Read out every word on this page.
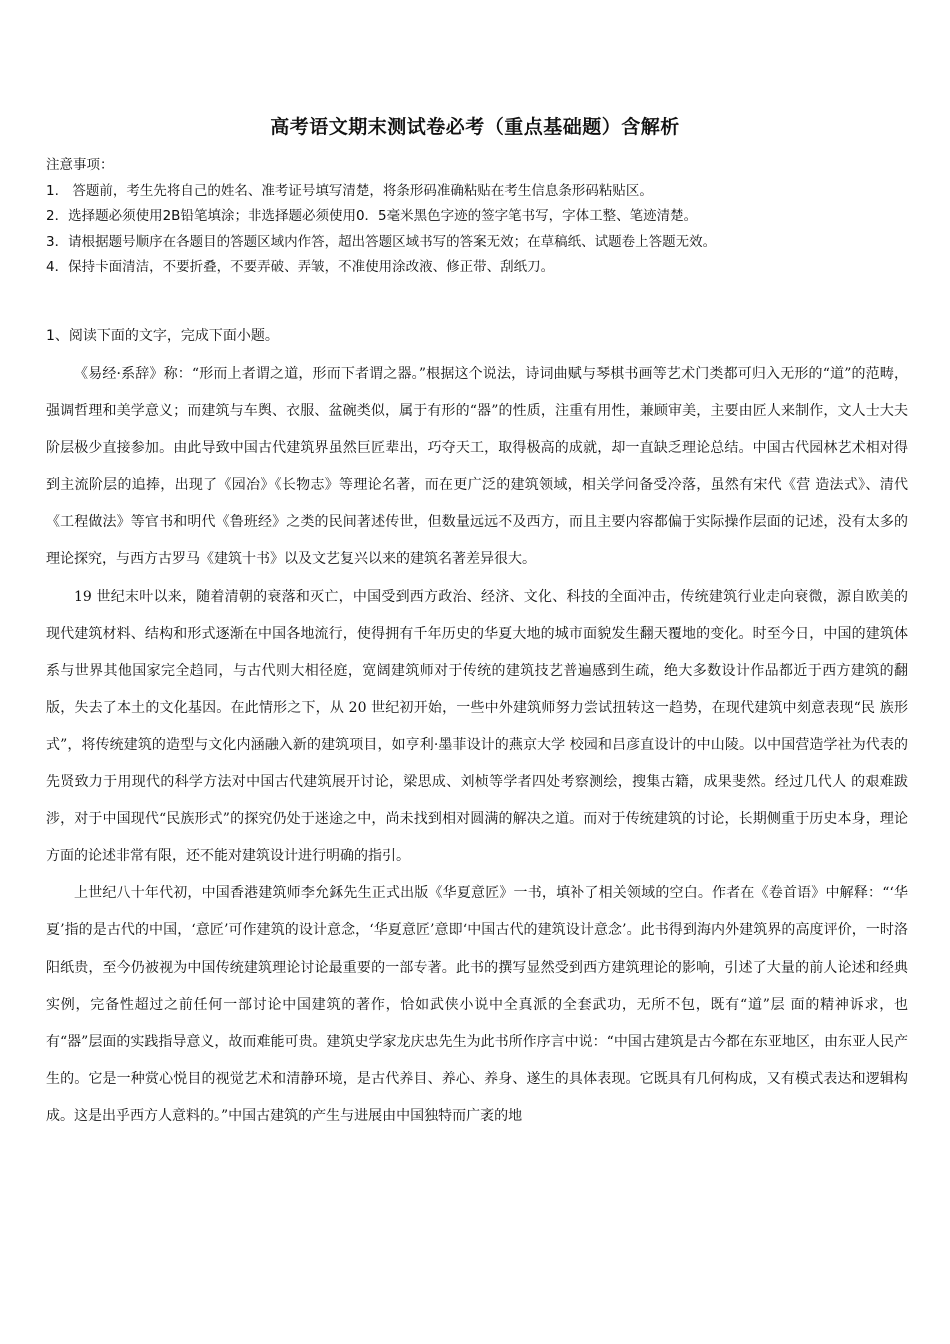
高考语文期末测试卷必考（重点基础题）含解析
注意事项：
1.　答题前，考生先将自己的姓名、准考证号填写清楚，将条形码准确粘贴在考生信息条形码粘贴区。
2．选择题必须使用2B铅笔填涂；非选择题必须使用0．5毫米黑色字迹的签字笔书写，字体工整、笔迹清楚。
3．请根据题号顺序在各题目的答题区域内作答，超出答题区域书写的答案无效；在草稿纸、试题卷上答题无效。
4．保持卡面清洁，不要折叠，不要弄破、弄皱，不准使用涂改液、修正带、刮纸刀。
1、阅读下面的文字，完成下面小题。

《易经·系辞》称：“形而上者谓之道，形而下者谓之器。”根据这个说法，诗词曲赋与琴棋书画等艺术门类都可归入无形的“道”的范畴，强调哲理和美学意义；而建筑与车舆、衣服、盆碗类似，属于有形的“器”的性质，注重有用性，兼顾审美，主要由匠人来制作，文人士大夫阶层极少直接参加。由此导致中国古代建筑界虽然巨匠辈出，巧夺天工，取得极高的成就，却一直缺乏理论总结。中国古代园林艺术相对得到主流阶层的追捧，出现了《园冶》《长物志》等理论名著，而在更广泛的建筑领域，相关学问备受冷落，虽然有宋代《营 造法式》、清代《工程做法》等官书和明代《鲁班经》之类的民间著述传世，但数量远远不及西方，而且主要内容都偏于实际操作层面的记述，没有太多的理论探究，与西方古罗马《建筑十书》以及文艺复兴以来的建筑名著差异很大。

19 世纪末叶以来，随着清朝的衰落和灭亡，中国受到西方政治、经济、文化、科技的全面冲击，传统建筑行业走向衰微，源自欧美的现代建筑材料、结构和形式逐渐在中国各地流行，使得拥有千年历史的华夏大地的城市面貌发生翻天覆地的变化。时至今日，中国的建筑体系与世界其他国家完全趋同，与古代则大相径庭，宽阔建筑师对于传统的建筑技艺普遍感到生疏，绝大多数设计作品都近于西方建筑的翻版，失去了本土的文化基因。在此情形之下，从 20 世纪初开始，一些中外建筑师努力尝试扭转这一趋势，在现代建筑中刻意表现“民 族形式”，将传统建筑的造型与文化内涵融入新的建筑项目，如亨利·墨菲设计的燕京大学 校园和吕彦直设计的中山陵。以中国营造学社为代表的先贤致力于用现代的科学方法对中国古代建筑展开讨论，梁思成、刘桢等学者四处考察测绘，搜集古籍，成果斐然。经过几代人 的艰难跋涉，对于中国现代“民族形式”的探究仍处于迷途之中，尚未找到相对圆满的解决之道。而对于传统建筑的讨论，长期侧重于历史本身，理论方面的论述非常有限，还不能对建筑设计进行明确的指引。

上世纪八十年代初，中国香港建筑师李允鉌先生正式出版《华夏意匠》一书，填补了相关领域的空白。作者在《卷首语》中解释：“‘华夏’指的是古代的中国，‘意匠’可作建筑的设计意念，‘华夏意匠’意即‘中国古代的建筑设计意念’。此书得到海内外建筑界的高度评价，一时洛阳纸贵，至今仍被视为中国传统建筑理论讨论最重要的一部专著。此书的撰写显然受到西方建筑理论的影响，引述了大量的前人论述和经典实例，完备性超过之前任何一部讨论中国建筑的著作，恰如武侠小说中全真派的全套武功，无所不包，既有“道”层 面的精神诉求，也有“器”层面的实践指导意义，故而难能可贵。建筑史学家龙庆忠先生为此书所作序言中说：“中国古建筑是古今都在东亚地区，由东亚人民产生的。它是一种赏心悦目的视觉艺术和清静环境，是古代养目、养心、养身、遂生的具体表现。它既具有几何构成，又有模式表达和逻辑构成。这是出乎西方人意料的。”中国古建筑的产生与进展由中国独特而广袤的地
